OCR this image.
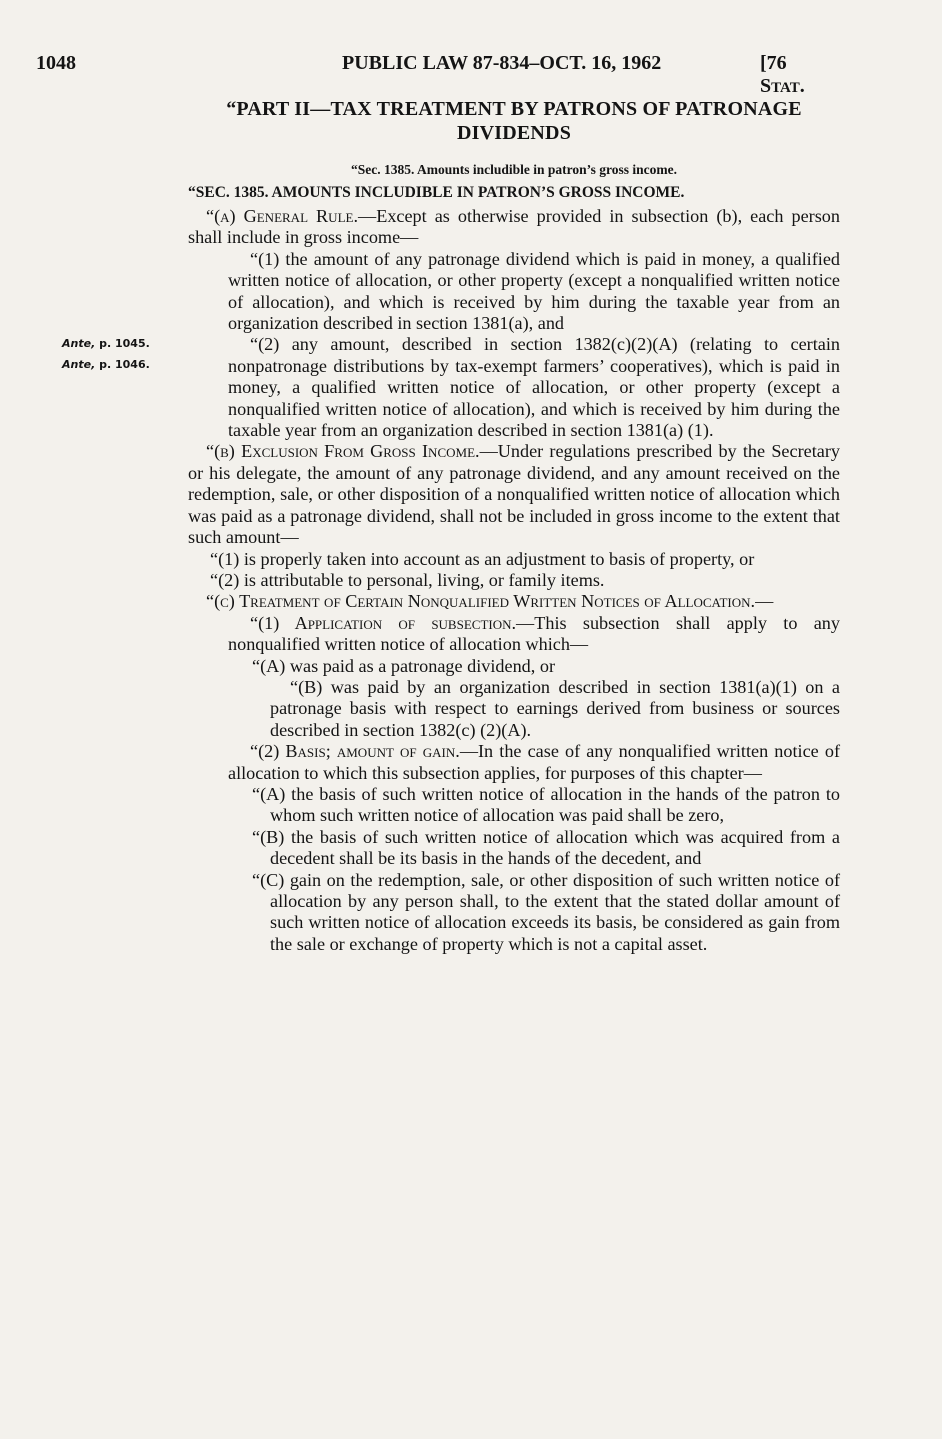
1048	PUBLIC LAW 87-834–OCT. 16, 1962	[76 STAT.
“PART II—TAX TREATMENT BY PATRONS OF PATRONAGE DIVIDENDS
“Sec. 1385. Amounts includible in patron’s gross income.
“SEC. 1385. AMOUNTS INCLUDIBLE IN PATRON’S GROSS INCOME.
Ante, p. 1045.
Ante, p. 1046.

“(a) General Rule.—Except as otherwise provided in subsection (b), each person shall include in gross income—

“(1) the amount of any patronage dividend which is paid in money, a qualified written notice of allocation, or other property (except a nonqualified written notice of allocation), and which is received by him during the taxable year from an organization described in section 1381(a), and

“(2) any amount, described in section 1382(c)(2)(A) (relating to certain nonpatronage distributions by tax-exempt farmers’ cooperatives), which is paid in money, a qualified written notice of allocation, or other property (except a nonqualified written notice of allocation), and which is received by him during the taxable year from an organization described in section 1381(a) (1).

“(b) Exclusion From Gross Income.—Under regulations prescribed by the Secretary or his delegate, the amount of any patronage dividend, and any amount received on the redemption, sale, or other disposition of a nonqualified written notice of allocation which was paid as a patronage dividend, shall not be included in gross income to the extent that such amount—

“(1) is properly taken into account as an adjustment to basis of property, or

“(2) is attributable to personal, living, or family items.

“(c) Treatment of Certain Nonqualified Written Notices of Allocation.—

“(1) Application of subsection.—This subsection shall apply to any nonqualified written notice of allocation which—

“(A) was paid as a patronage dividend, or

“(B) was paid by an organization described in section 1381(a)(1) on a patronage basis with respect to earnings derived from business or sources described in section 1382(c) (2)(A).

“(2) Basis; amount of gain.—In the case of any nonqualified written notice of allocation to which this subsection applies, for purposes of this chapter—

“(A) the basis of such written notice of allocation in the hands of the patron to whom such written notice of allocation was paid shall be zero,

“(B) the basis of such written notice of allocation which was acquired from a decedent shall be its basis in the hands of the decedent, and

“(C) gain on the redemption, sale, or other disposition of such written notice of allocation by any person shall, to the extent that the stated dollar amount of such written notice of allocation exceeds its basis, be considered as gain from the sale or exchange of property which is not a capital asset.
